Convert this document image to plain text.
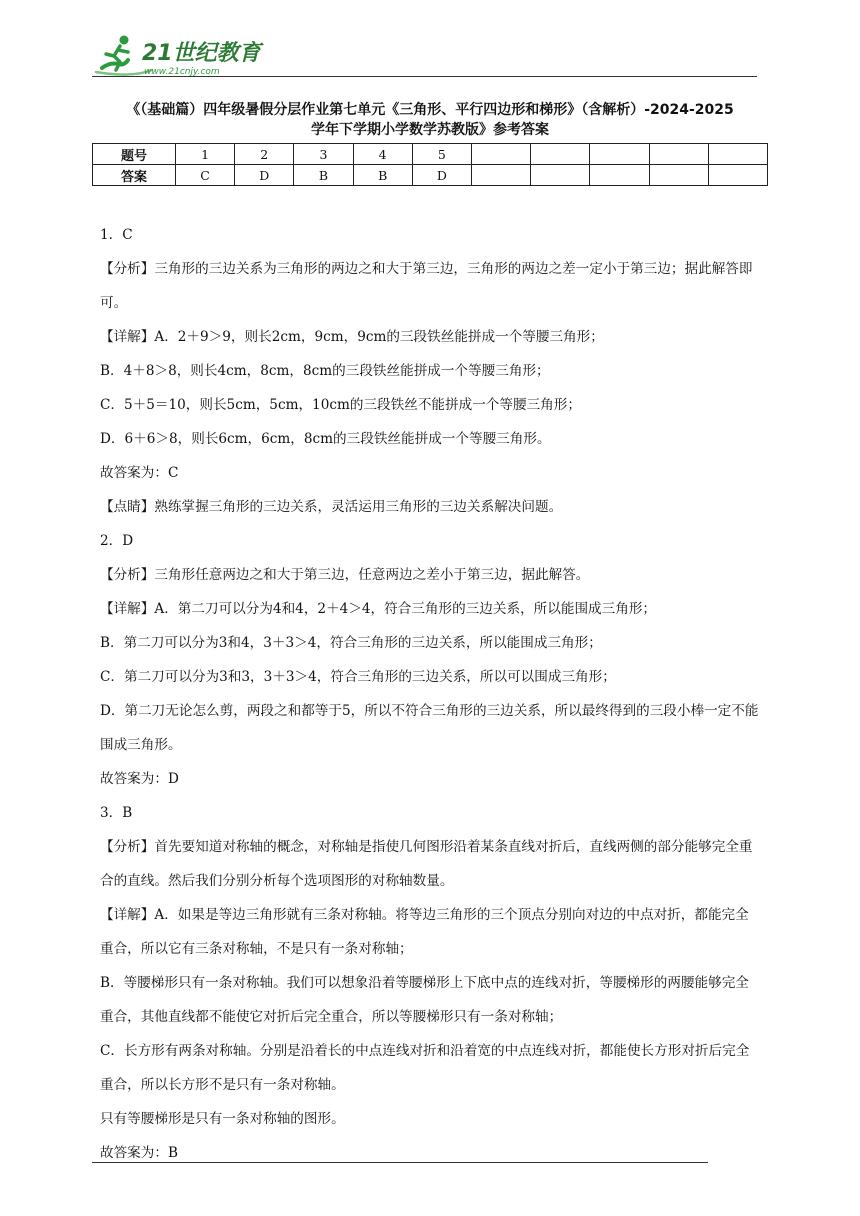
21世纪教育
www.21cnjy.com
《（基础篇）四年级暑假分层作业第七单元《三角形、平行四边形和梯形》（含解析）-2024-2025
学年下学期小学数学苏教版》参考答案
题号	1	2	3	4	5					
答案	C	D	B	B	D					

1．C

【分析】三角形的三边关系为三角形的两边之和大于第三边，三角形的两边之差一定小于第三边；据此解答即可。

【详解】A．2＋9＞9，则长2cm，9cm，9cm的三段铁丝能拼成一个等腰三角形；

B．4＋8＞8，则长4cm，8cm，8cm的三段铁丝能拼成一个等腰三角形；

C．5＋5＝10，则长5cm，5cm，10cm的三段铁丝不能拼成一个等腰三角形；

D．6＋6＞8，则长6cm，6cm，8cm的三段铁丝能拼成一个等腰三角形。

故答案为：C

【点睛】熟练掌握三角形的三边关系，灵活运用三角形的三边关系解决问题。

2．D

【分析】三角形任意两边之和大于第三边，任意两边之差小于第三边，据此解答。

【详解】A．第二刀可以分为4和4，2＋4＞4，符合三角形的三边关系，所以能围成三角形；

B．第二刀可以分为3和4，3＋3＞4，符合三角形的三边关系，所以能围成三角形；

C．第二刀可以分为3和3，3＋3＞4，符合三角形的三边关系，所以可以围成三角形；

D．第二刀无论怎么剪，两段之和都等于5，所以不符合三角形的三边关系，所以最终得到的三段小棒一定不能围成三角形。

故答案为：D

3．B

【分析】首先要知道对称轴的概念，对称轴是指使几何图形沿着某条直线对折后，直线两侧的部分能够完全重合的直线。然后我们分别分析每个选项图形的对称轴数量。

【详解】A．如果是等边三角形就有三条对称轴。将等边三角形的三个顶点分别向对边的中点对折，都能完全重合，所以它有三条对称轴，不是只有一条对称轴；

B．等腰梯形只有一条对称轴。我们可以想象沿着等腰梯形上下底中点的连线对折，等腰梯形的两腰能够完全重合，其他直线都不能使它对折后完全重合，所以等腰梯形只有一条对称轴；

C．长方形有两条对称轴。分别是沿着长的中点连线对折和沿着宽的中点连线对折，都能使长方形对折后完全重合，所以长方形不是只有一条对称轴。

只有等腰梯形是只有一条对称轴的图形。

故答案为：B
